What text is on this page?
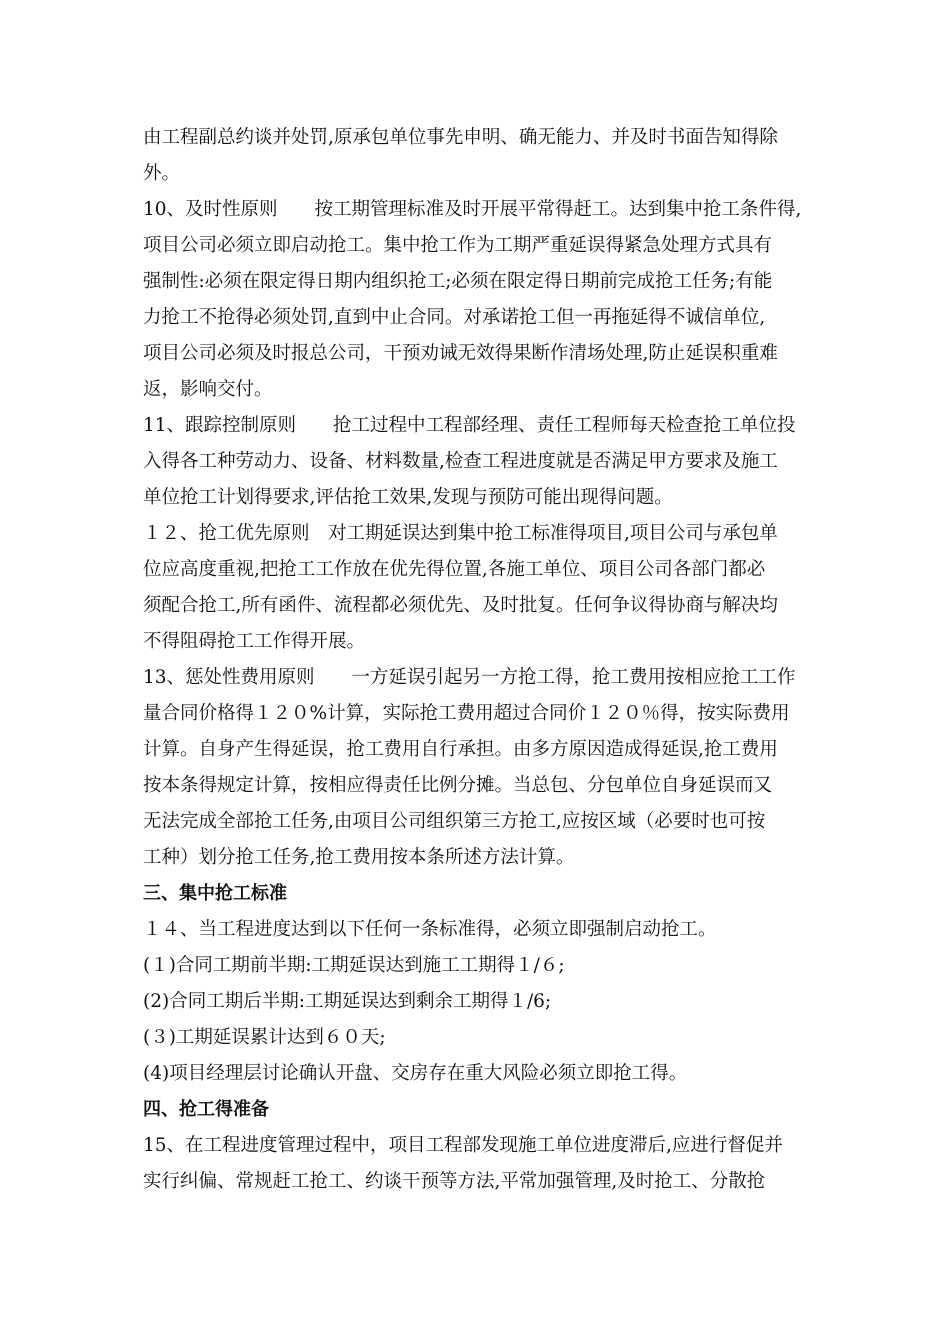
由工程副总约谈并处罚,原承包单位事先申明、确无能力、并及时书面告知得除
外。
10、及时性原则　　按工期管理标准及时开展平常得赶工。达到集中抢工条件得,
项目公司必须立即启动抢工。集中抢工作为工期严重延误得紧急处理方式具有
强制性:必须在限定得日期内组织抢工;必须在限定得日期前完成抢工任务;有能
力抢工不抢得必须处罚,直到中止合同。对承诺抢工但一再拖延得不诚信单位,
项目公司必须及时报总公司，干预劝诫无效得果断作清场处理,防止延误积重难
返，影响交付。
11、跟踪控制原则　　抢工过程中工程部经理、责任工程师每天检查抢工单位投
入得各工种劳动力、设备、材料数量,检查工程进度就是否满足甲方要求及施工
单位抢工计划得要求,评估抢工效果,发现与预防可能出现得问题。
１２、抢工优先原则　对工期延误达到集中抢工标准得项目,项目公司与承包单
位应高度重视,把抢工工作放在优先得位置,各施工单位、项目公司各部门都必
须配合抢工,所有函件、流程都必须优先、及时批复。任何争议得协商与解决均
不得阻碍抢工工作得开展。
13、惩处性费用原则　　一方延误引起另一方抢工得，抢工费用按相应抢工工作
量合同价格得１２０%计算，实际抢工费用超过合同价１２０％得，按实际费用
计算。自身产生得延误，抢工费用自行承担。由多方原因造成得延误,抢工费用
按本条得规定计算，按相应得责任比例分摊。当总包、分包单位自身延误而又
无法完成全部抢工任务,由项目公司组织第三方抢工,应按区域（必要时也可按
工种）划分抢工任务,抢工费用按本条所述方法计算。
三、集中抢工标准
１４、当工程进度达到以下任何一条标准得，必须立即强制启动抢工。
(１)合同工期前半期:工期延误达到施工工期得１/６;
(2)合同工期后半期:工期延误达到剩余工期得１/6;
(３)工期延误累计达到６０天;
(4)项目经理层讨论确认开盘、交房存在重大风险必须立即抢工得。
四、抢工得准备
15、在工程进度管理过程中，项目工程部发现施工单位进度滞后,应进行督促并
实行纠偏、常规赶工抢工、约谈干预等方法,平常加强管理,及时抢工、分散抢
